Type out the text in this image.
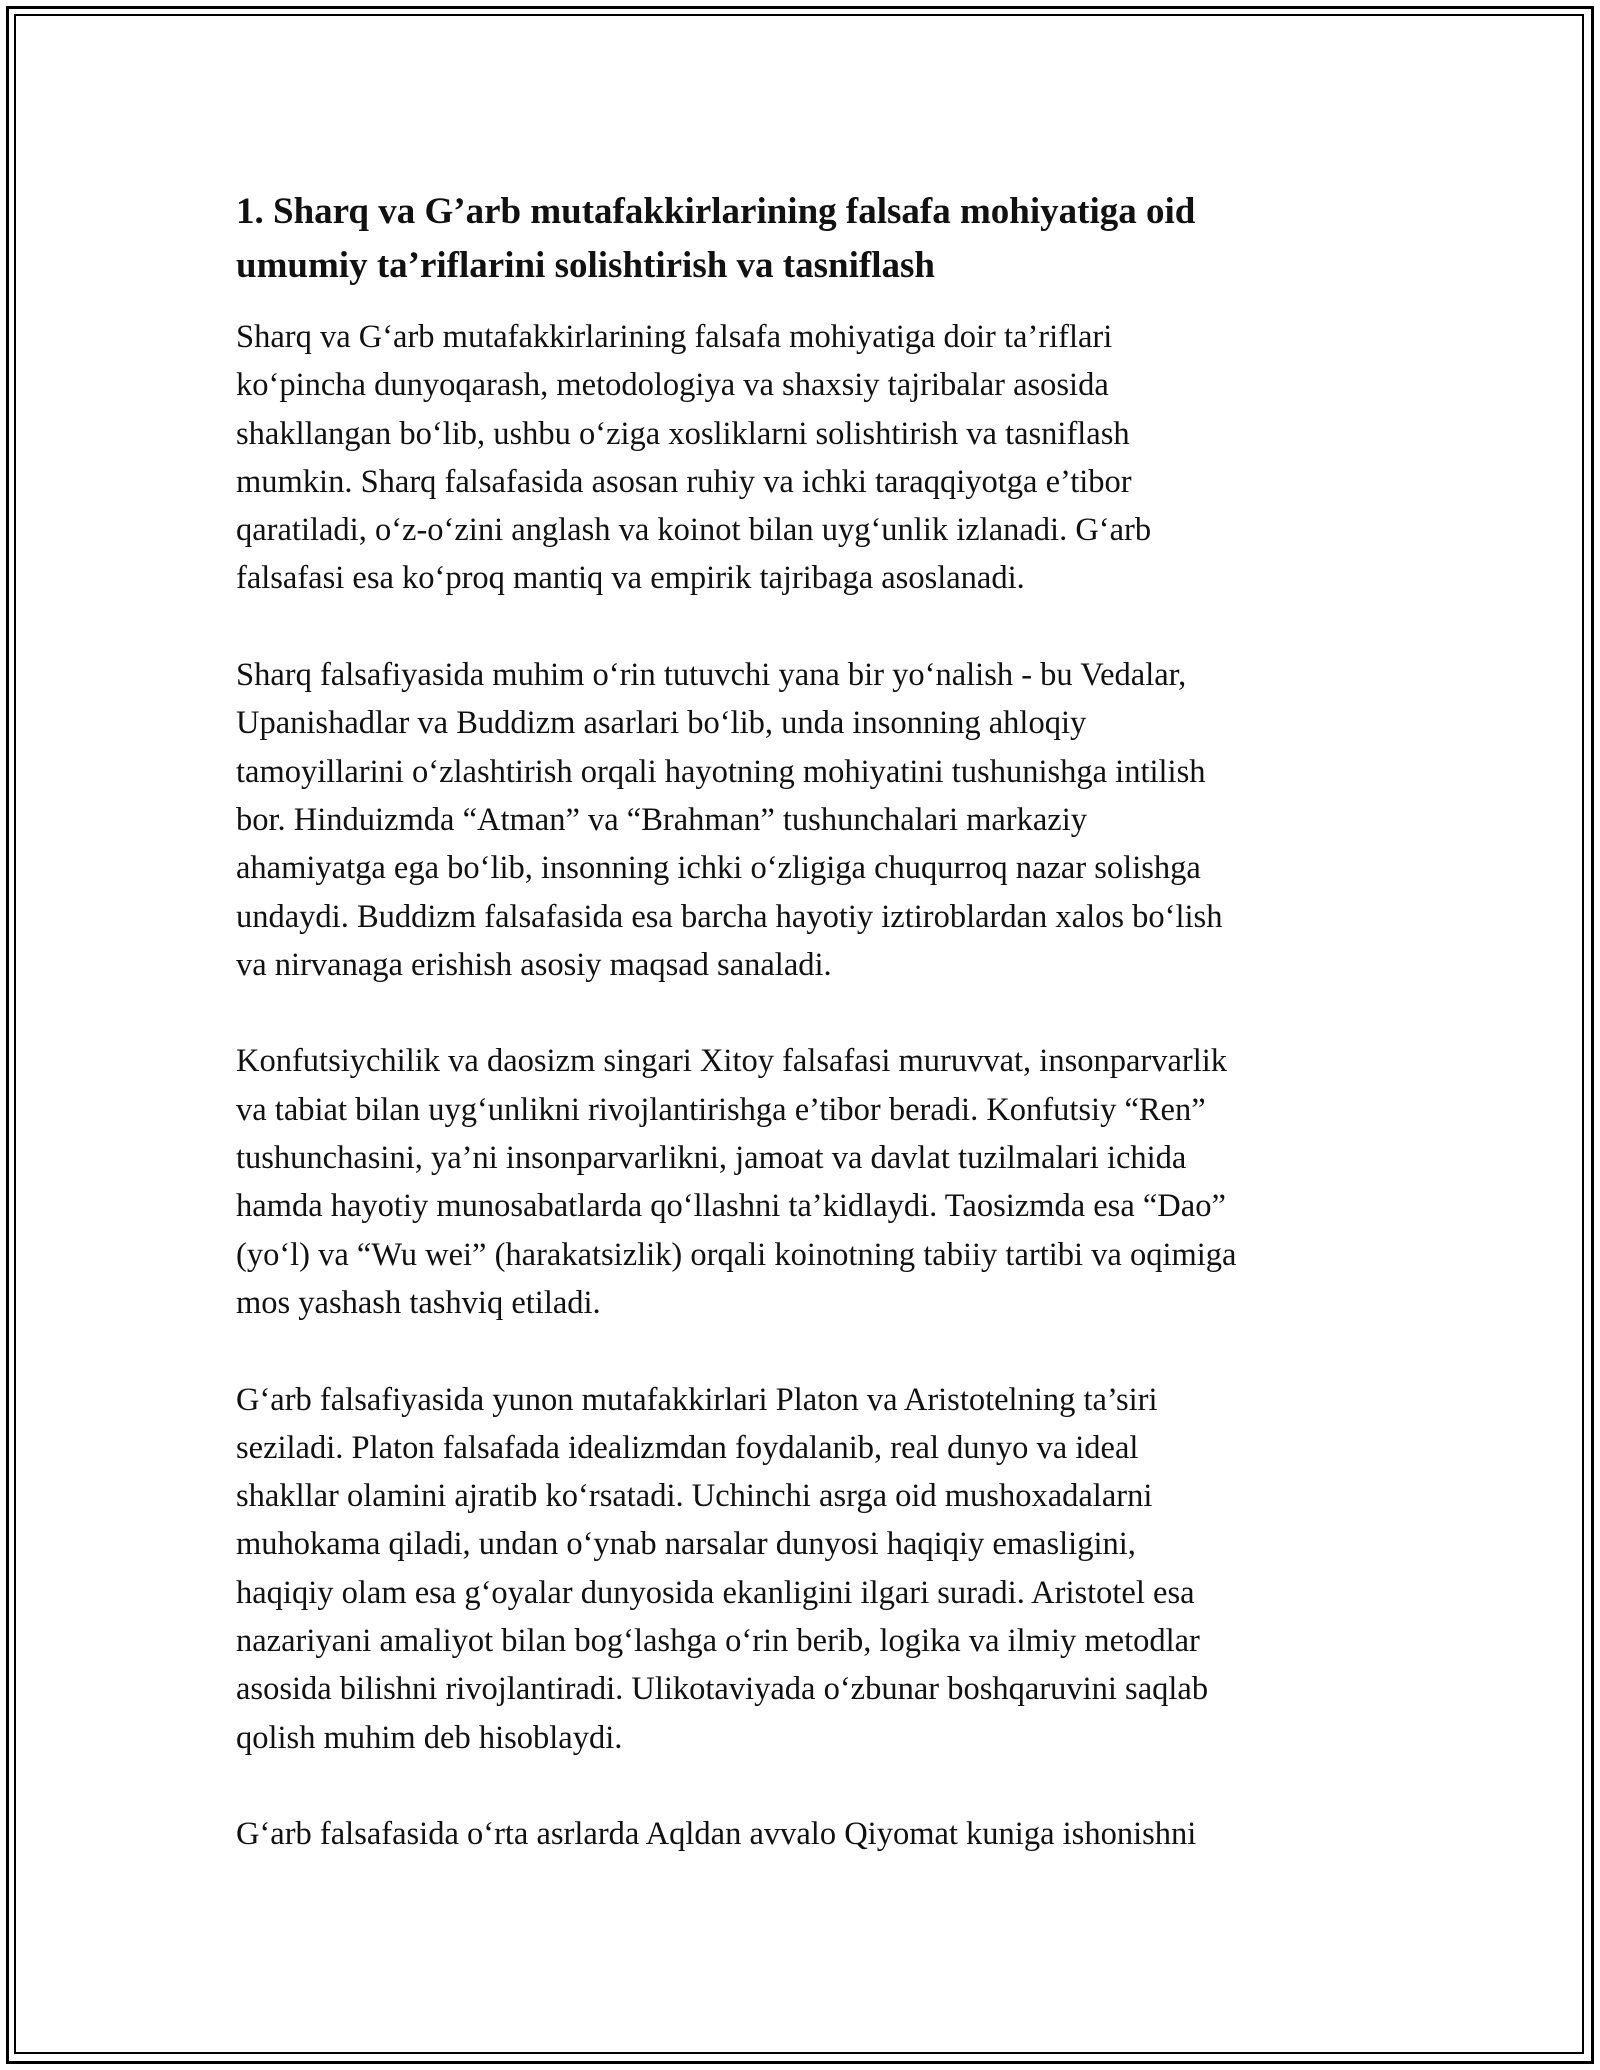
1. Sharq va G’arb mutafakkirlarining falsafa mohiyatiga oid
umumiy ta’riflarini solishtirish va tasniflash

Sharq va G‘arb mutafakkirlarining falsafa mohiyatiga doir ta’riflari
ko‘pincha dunyoqarash, metodologiya va shaxsiy tajribalar asosida
shakllangan bo‘lib, ushbu o‘ziga xosliklarni solishtirish va tasniflash
mumkin. Sharq falsafasida asosan ruhiy va ichki taraqqiyotga e’tibor
qaratiladi, o‘z-o‘zini anglash va koinot bilan uyg‘unlik izlanadi. G‘arb
falsafasi esa ko‘proq mantiq va empirik tajribaga asoslanadi.

Sharq falsafiyasida muhim o‘rin tutuvchi yana bir yo‘nalish - bu Vedalar,
Upanishadlar va Buddizm asarlari bo‘lib, unda insonning ahloqiy
tamoyillarini o‘zlashtirish orqali hayotning mohiyatini tushunishga intilish
bor. Hinduizmda “Atman” va “Brahman” tushunchalari markaziy
ahamiyatga ega bo‘lib, insonning ichki o‘zligiga chuqurroq nazar solishga
undaydi. Buddizm falsafasida esa barcha hayotiy iztiroblardan xalos bo‘lish
va nirvanaga erishish asosiy maqsad sanaladi.

Konfutsiychilik va daosizm singari Xitoy falsafasi muruvvat, insonparvarlik
va tabiat bilan uyg‘unlikni rivojlantirishga e’tibor beradi. Konfutsiy “Ren”
tushunchasini, ya’ni insonparvarlikni, jamoat va davlat tuzilmalari ichida
hamda hayotiy munosabatlarda qo‘llashni ta’kidlaydi. Taosizmda esa “Dao”
(yo‘l) va “Wu wei” (harakatsizlik) orqali koinotning tabiiy tartibi va oqimiga
mos yashash tashviq etiladi.

G‘arb falsafiyasida yunon mutafakkirlari Platon va Aristotelning ta’siri
seziladi. Platon falsafada idealizmdan foydalanib, real dunyo va ideal
shakllar olamini ajratib ko‘rsatadi. Uchinchi asrga oid mushoxadalarni
muhokama qiladi, undan o‘ynab narsalar dunyosi haqiqiy emasligini,
haqiqiy olam esa g‘oyalar dunyosida ekanligini ilgari suradi. Aristotel esa
nazariyani amaliyot bilan bog‘lashga o‘rin berib, logika va ilmiy metodlar
asosida bilishni rivojlantiradi. Ulikotaviyada o‘zbunar boshqaruvini saqlab
qolish muhim deb hisoblaydi.

G‘arb falsafasida o‘rta asrlarda Aqldan avvalo Qiyomat kuniga ishonishni
